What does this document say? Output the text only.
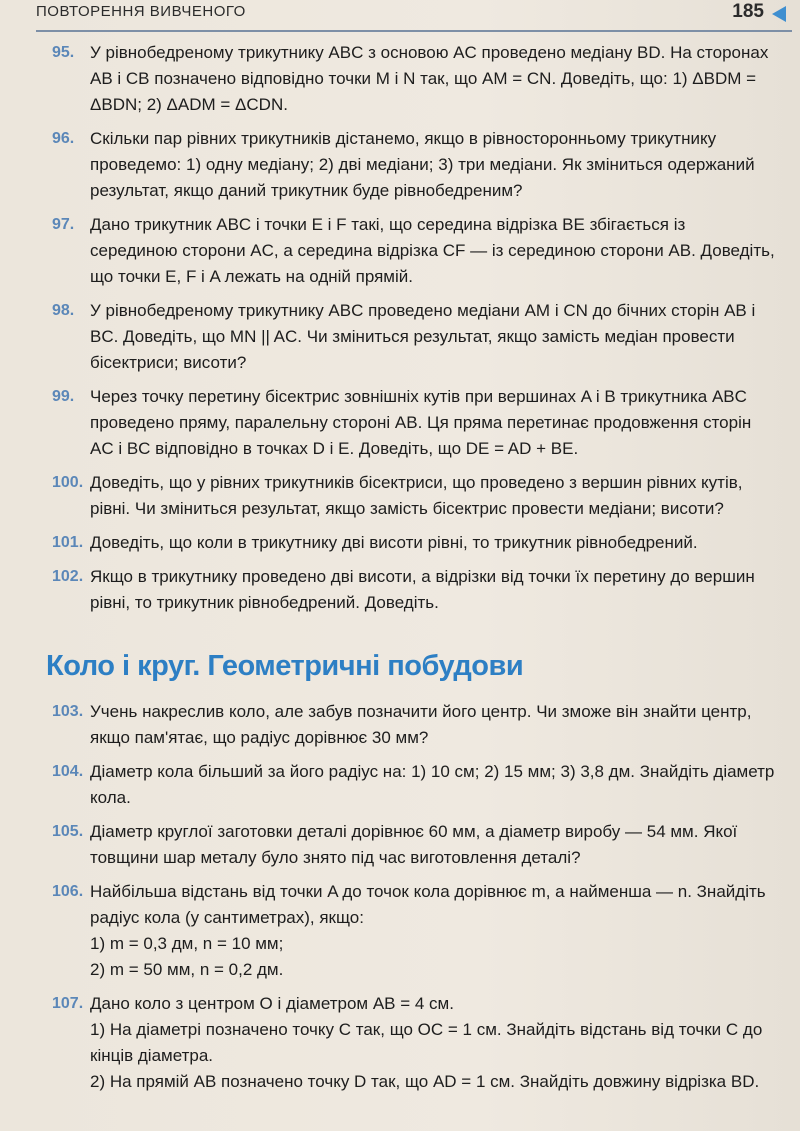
ПОВТОРЕННЯ ВИВЧЕНОГО	185
95. У рівнобедреному трикутнику ABC з основою AC проведено медіану BD. На сторонах AB і CB позначено відповідно точки M і N так, що AM = CN. Доведіть, що: 1) ΔBDM = ΔBDN; 2) ΔADM = ΔCDN.
96. Скільки пар рівних трикутників дістанемо, якщо в рівносторонньому трикутнику проведемо: 1) одну медіану; 2) дві медіани; 3) три медіани. Як зміниться одержаний результат, якщо даний трикутник буде рівнобедреним?
97. Дано трикутник ABC і точки E і F такі, що середина відрізка BE збігається із серединою сторони AC, а середина відрізка CF — із серединою сторони AB. Доведіть, що точки E, F і A лежать на одній прямій.
98. У рівнобедреному трикутнику ABC проведено медіани AM і CN до бічних сторін AB і BC. Доведіть, що MN || AC. Чи зміниться результат, якщо замість медіан провести бісектриси; висоти?
99. Через точку перетину бісектрис зовнішніх кутів при вершинах A і B трикутника ABC проведено пряму, паралельну стороні AB. Ця пряма перетинає продовження сторін AC і BC відповідно в точках D і E. Доведіть, що DE = AD + BE.
100. Доведіть, що у рівних трикутників бісектриси, що проведено з вершин рівних кутів, рівні. Чи зміниться результат, якщо замість бісектрис провести медіани; висоти?
101. Доведіть, що коли в трикутнику дві висоти рівні, то трикутник рівнобедрений.
102. Якщо в трикутнику проведено дві висоти, а відрізки від точки їх перетину до вершин рівні, то трикутник рівнобедрений. Доведіть.
Коло і круг. Геометричні побудови
103. Учень накреслив коло, але забув позначити його центр. Чи зможе він знайти центр, якщо пам'ятає, що радіус дорівнює 30 мм?
104. Діаметр кола більший за його радіус на: 1) 10 см; 2) 15 мм; 3) 3,8 дм. Знайдіть діаметр кола.
105. Діаметр круглої заготовки деталі дорівнює 60 мм, а діаметр виробу — 54 мм. Якої товщини шар металу було знято під час виготовлення деталі?
106. Найбільша відстань від точки A до точок кола дорівнює m, а найменша — n. Знайдіть радіус кола (у сантиметрах), якщо:
1) m = 0,3 дм, n = 10 мм;
2) m = 50 мм, n = 0,2 дм.
107. Дано коло з центром O і діаметром AB = 4 см.
1) На діаметрі позначено точку C так, що OC = 1 см. Знайдіть відстань від точки C до кінців діаметра.
2) На прямій AB позначено точку D так, що AD = 1 см. Знайдіть довжину відрізка BD.
